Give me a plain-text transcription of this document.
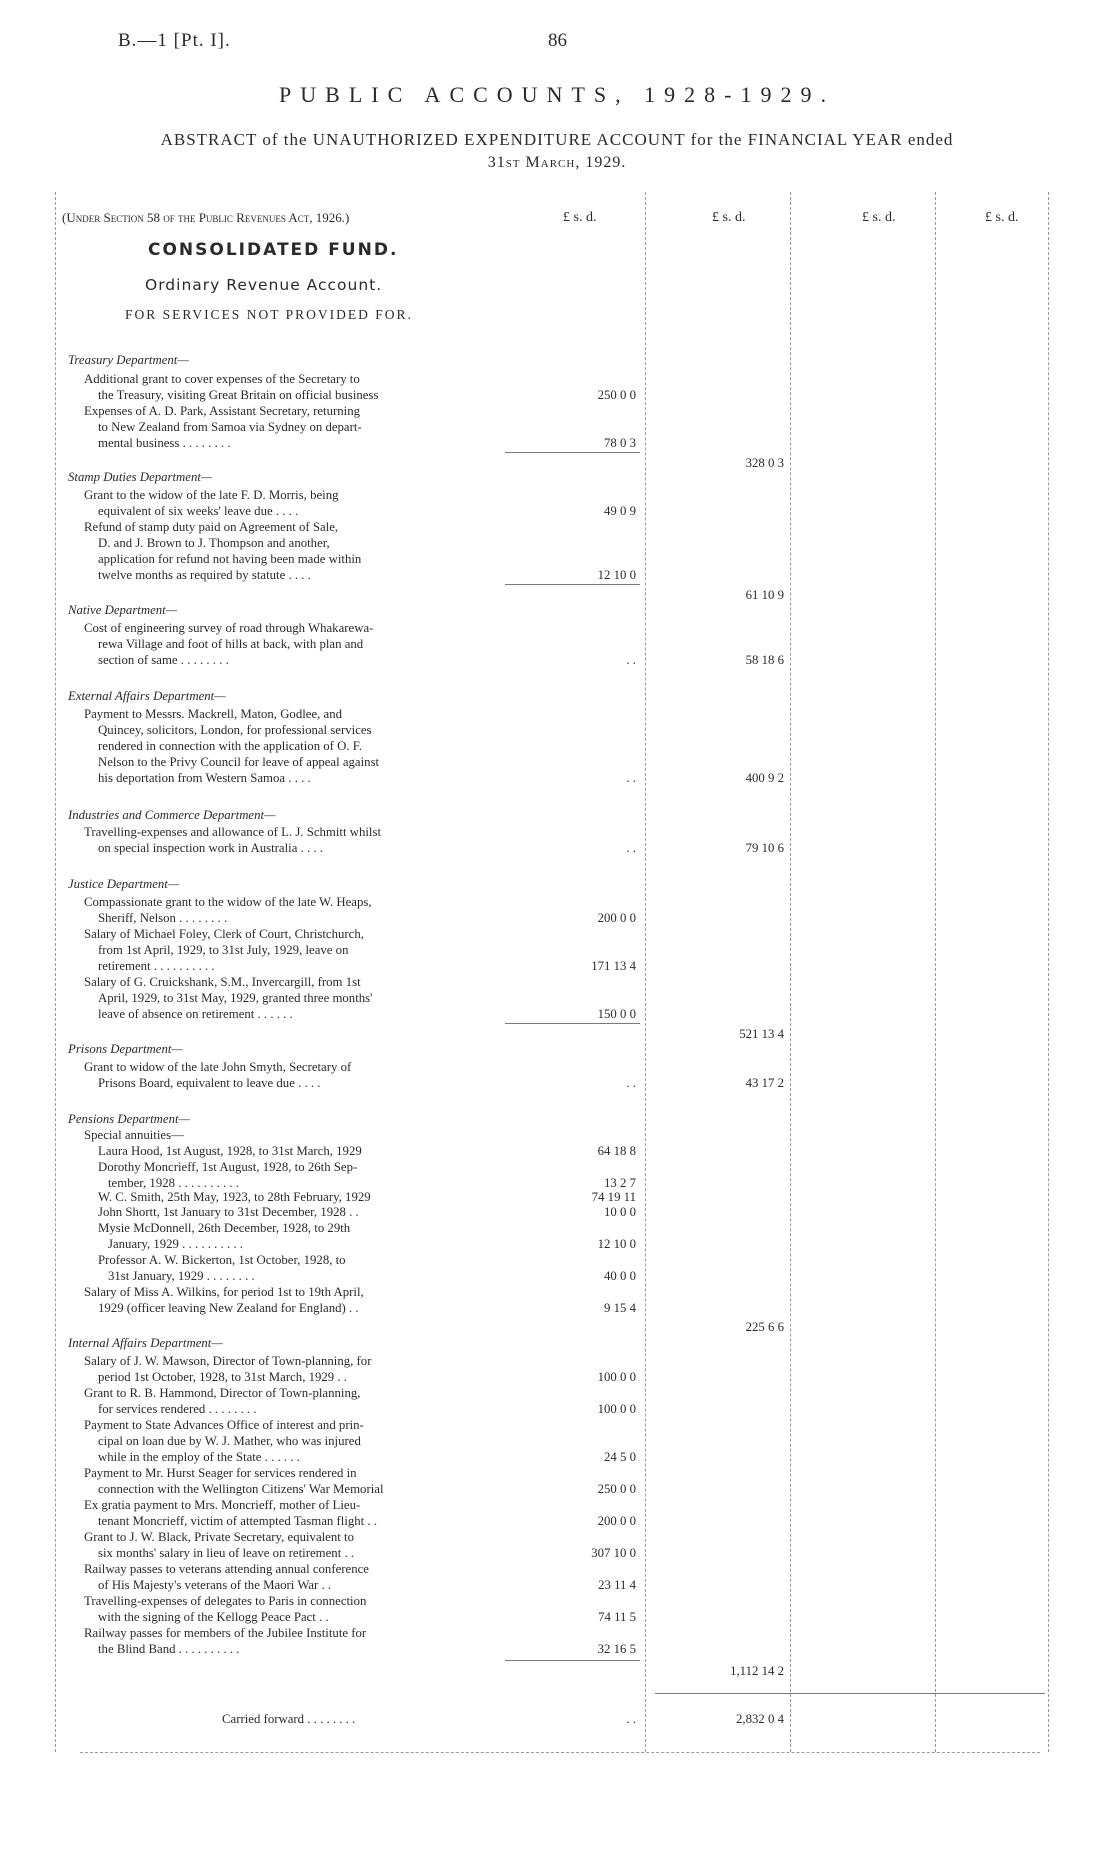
B.—1 [Pt. I].	86
PUBLIC ACCOUNTS, 1928-1929.
ABSTRACT of the UNAUTHORIZED EXPENDITURE ACCOUNT for the FINANCIAL YEAR ended
31st March, 1929.
(Under Section 58 of the Public Revenues Act, 1926.)	£ s. d.	£ s. d.	£ s. d.	£ s. d.
CONSOLIDATED FUND.
Ordinary Revenue Account.
FOR SERVICES NOT PROVIDED FOR.
Treasury Department—
Additional grant to cover expenses of the Secretary to
the Treasury, visiting Great Britain on official business	250 0 0
Expenses of A. D. Park, Assistant Secretary, returning
to New Zealand from Samoa via Sydney on depart-
mental business . . . . . . . .	78 0 3
328 0 3
Stamp Duties Department—
Grant to the widow of the late F. D. Morris, being
equivalent of six weeks' leave due . . . .	49 0 9
Refund of stamp duty paid on Agreement of Sale,
D. and J. Brown to J. Thompson and another,
application for refund not having been made within
twelve months as required by statute . . . .	12 10 0
61 10 9
Native Department—
Cost of engineering survey of road through Whakarewa-
rewa Village and foot of hills at back, with plan and
section of same . . . . . . . .	. .	58 18 6
External Affairs Department—
Payment to Messrs. Mackrell, Maton, Godlee, and
Quincey, solicitors, London, for professional services
rendered in connection with the application of O. F.
Nelson to the Privy Council for leave of appeal against
his deportation from Western Samoa . . . .	. .	400 9 2
Industries and Commerce Department—
Travelling-expenses and allowance of L. J. Schmitt whilst
on special inspection work in Australia . . . .	. .	79 10 6
Justice Department—
Compassionate grant to the widow of the late W. Heaps,
Sheriff, Nelson . . . . . . . .	200 0 0
Salary of Michael Foley, Clerk of Court, Christchurch,
from 1st April, 1929, to 31st July, 1929, leave on
retirement . . . . . . . . . .	171 13 4
Salary of G. Cruickshank, S.M., Invercargill, from 1st
April, 1929, to 31st May, 1929, granted three months'
leave of absence on retirement . . . . . .	150 0 0
521 13 4
Prisons Department—
Grant to widow of the late John Smyth, Secretary of
Prisons Board, equivalent to leave due . . . .	. .	43 17 2
Pensions Department—
Special annuities—
Laura Hood, 1st August, 1928, to 31st March, 1929	64 18 8
Dorothy Moncrieff, 1st August, 1928, to 26th Sep-
tember, 1928 . . . . . . . . . .	13 2 7
W. C. Smith, 25th May, 1923, to 28th February, 1929	74 19 11
John Shortt, 1st January to 31st December, 1928 . .	10 0 0
Mysie McDonnell, 26th December, 1928, to 29th
January, 1929 . . . . . . . . . .	12 10 0
Professor A. W. Bickerton, 1st October, 1928, to
31st January, 1929 . . . . . . . .	40 0 0
Salary of Miss A. Wilkins, for period 1st to 19th April,
1929 (officer leaving New Zealand for England) . .	9 15 4
225 6 6
Internal Affairs Department—
Salary of J. W. Mawson, Director of Town-planning, for
period 1st October, 1928, to 31st March, 1929 . .	100 0 0
Grant to R. B. Hammond, Director of Town-planning,
for services rendered . . . . . . . .	100 0 0
Payment to State Advances Office of interest and prin-
cipal on loan due by W. J. Mather, who was injured
while in the employ of the State . . . . . .	24 5 0
Payment to Mr. Hurst Seager for services rendered in
connection with the Wellington Citizens' War Memorial	250 0 0
Ex gratia payment to Mrs. Moncrieff, mother of Lieu-
tenant Moncrieff, victim of attempted Tasman flight . .	200 0 0
Grant to J. W. Black, Private Secretary, equivalent to
six months' salary in lieu of leave on retirement . .	307 10 0
Railway passes to veterans attending annual conference
of His Majesty's veterans of the Maori War . .	23 11 4
Travelling-expenses of delegates to Paris in connection
with the signing of the Kellogg Peace Pact . .	74 11 5
Railway passes for members of the Jubilee Institute for
the Blind Band . . . . . . . . . .	32 16 5
1,112 14 2
Carried forward . . . . . . . .	. .	2,832 0 4
